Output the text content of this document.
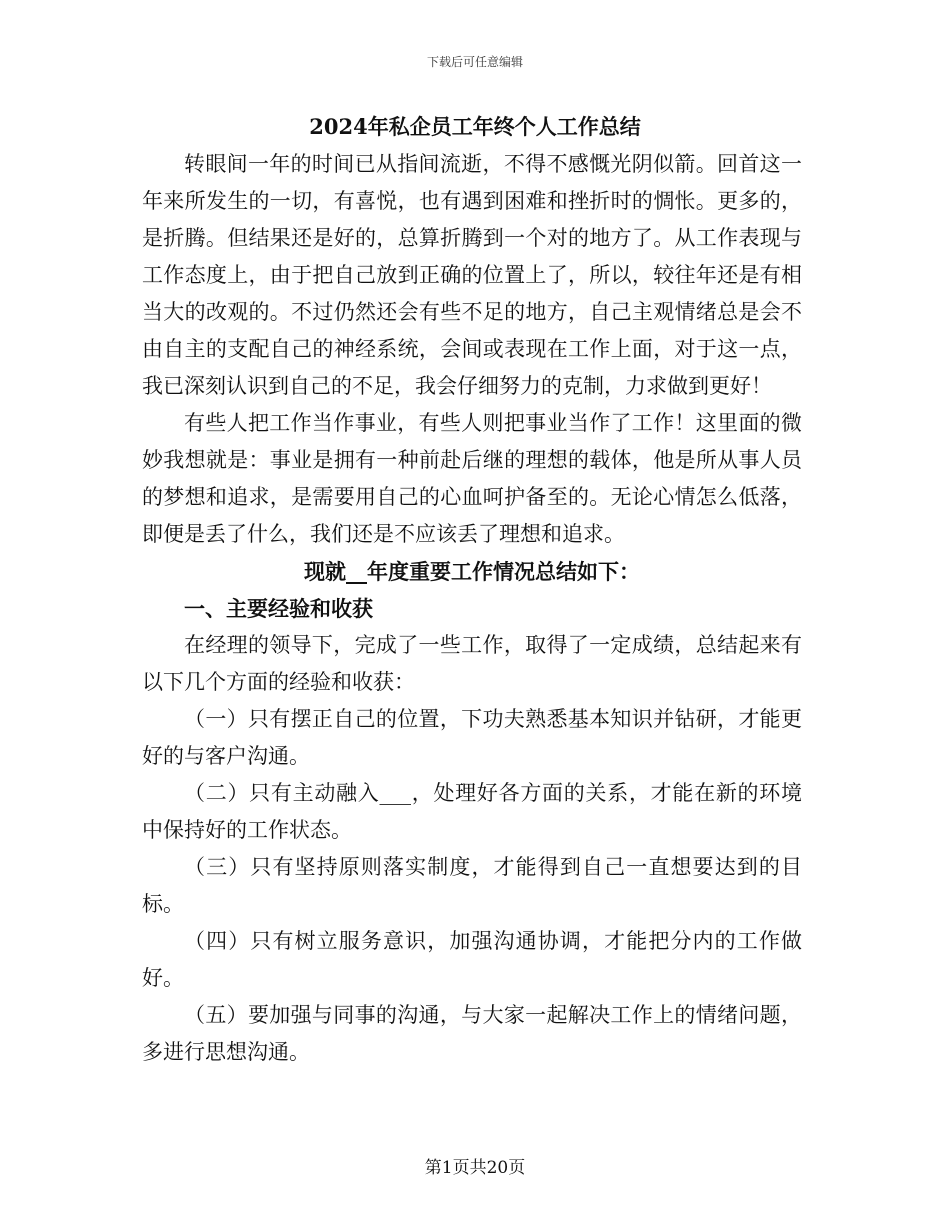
下载后可任意编辑
2024年私企员工年终个人工作总结

转眼间一年的时间已从指间流逝，不得不感慨光阴似箭。回首这一年来所发生的一切，有喜悦，也有遇到困难和挫折时的惆怅。更多的，是折腾。但结果还是好的，总算折腾到一个对的地方了。从工作表现与工作态度上，由于把自己放到正确的位置上了，所以，较往年还是有相当大的改观的。不过仍然还会有些不足的地方，自己主观情绪总是会不由自主的支配自己的神经系统，会间或表现在工作上面，对于这一点，我已深刻认识到自己的不足，我会仔细努力的克制，力求做到更好！

有些人把工作当作事业，有些人则把事业当作了工作！这里面的微妙我想就是：事业是拥有一种前赴后继的理想的载体，他是所从事人员的梦想和追求，是需要用自己的心血呵护备至的。无论心情怎么低落，即便是丢了什么，我们还是不应该丢了理想和追求。

现就__年度重要工作情况总结如下：

一、主要经验和收获

在经理的领导下，完成了一些工作，取得了一定成绩，总结起来有以下几个方面的经验和收获：

（一）只有摆正自己的位置，下功夫熟悉基本知识并钻研，才能更好的与客户沟通。

（二）只有主动融入___，处理好各方面的关系，才能在新的环境中保持好的工作状态。

（三）只有坚持原则落实制度，才能得到自己一直想要达到的目标。

（四）只有树立服务意识，加强沟通协调，才能把分内的工作做好。

（五）要加强与同事的沟通，与大家一起解决工作上的情绪问题，多进行思想沟通。

第1页共20页
